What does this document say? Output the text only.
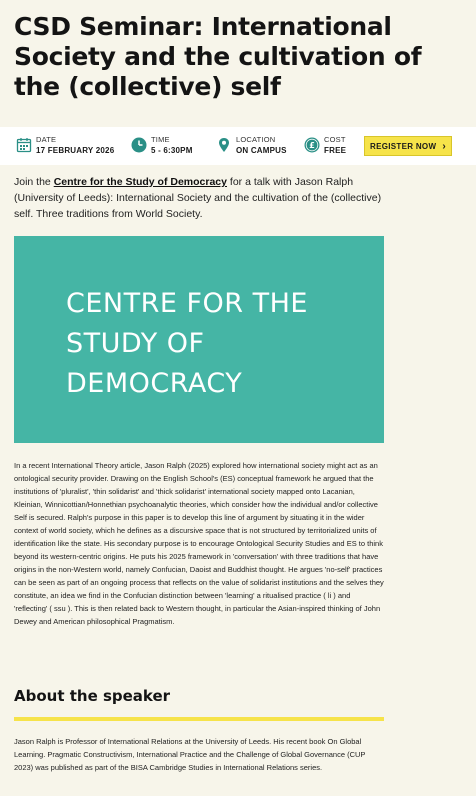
CSD Seminar: International Society and the cultivation of the (collective) self
DATE
17 FEBRUARY 2026
TIME
5 - 6:30PM
LOCATION
ON CAMPUS
£
COST
FREE	REGISTER NOW ›

Join the Centre for the Study of Democracy for a talk with Jason Ralph (University of Leeds): International Society and the cultivation of the (collective) self. Three traditions from World Society.

CENTRE FOR THE
STUDY OF
DEMOCRACY

In a recent International Theory article, Jason Ralph (2025) explored how international society might act as an ontological security provider. Drawing on the English School's (ES) conceptual framework he argued that the institutions of 'pluralist', 'thin solidarist' and 'thick solidarist' international society mapped onto Lacanian, Kleinian, Winnicottian/Honnethian psychoanalytic theories, which consider how the individual and/or collective Self is secured. Ralph's purpose in this paper is to develop this line of argument by situating it in the wider context of world society, which he defines as a discursive space that is not structured by territorialized units of identification like the state. His secondary purpose is to encourage Ontological Security Studies and ES to think beyond its western-centric origins. He puts his 2025 framework in 'conversation' with three traditions that have origins in the non-Western world, namely Confucian, Daoist and Buddhist thought. He argues 'no-self' practices can be seen as part of an ongoing process that reflects on the value of solidarist institutions and the selves they constitute, an idea we find in the Confucian distinction between 'learning' a ritualised practice ( li ) and 'reflecting' ( ssu ). This is then related back to Western thought, in particular the Asian-inspired thinking of John Dewey and American philosophical Pragmatism.

About the speaker

Jason Ralph is Professor of International Relations at the University of Leeds. His recent book On Global Learning. Pragmatic Constructivism, International Practice and the Challenge of Global Governance (CUP 2023) was published as part of the BISA Cambridge Studies in International Relations series.
